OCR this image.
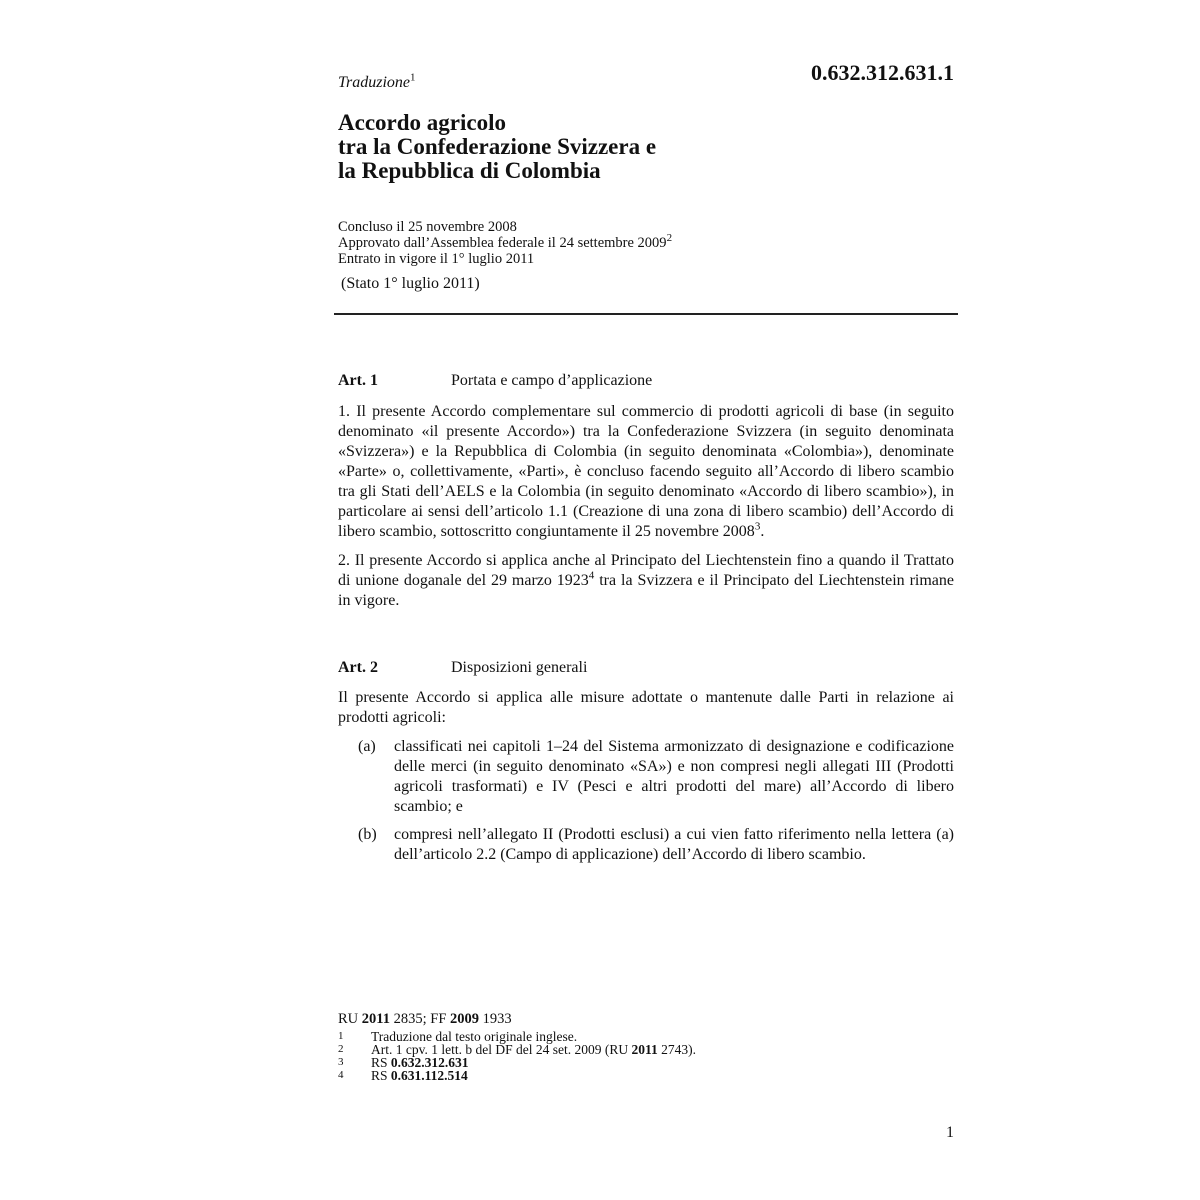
0.632.312.631.1
Traduzione$^1$
Accordo agricolo
tra la Confederazione Svizzera e
la Repubblica di Colombia
Concluso il 25 novembre 2008
Approvato dall’Assemblea federale il 24 settembre 2009$^2$
Entrato in vigore il 1° luglio 2011
(Stato 1° luglio 2011)
Art. 1	Portata e campo d’applicazione

1. Il presente Accordo complementare sul commercio di prodotti agricoli di base (in seguito denominato «il presente Accordo») tra la Confederazione Svizzera (in seguito denominata «Svizzera») e la Repubblica di Colombia (in seguito denominata «Colombia»), denominate «Parte» o, collettivamente, «Parti», è concluso facendo seguito all’Accordo di libero scambio tra gli Stati dell’AELS e la Colombia (in seguito denominato «Accordo di libero scambio»), in particolare ai sensi dell’articolo 1.1 (Creazione di una zona di libero scambio) dell’Accordo di libero scambio, sottoscritto congiuntamente il 25 novembre 2008$^3$.

2. Il presente Accordo si applica anche al Principato del Liechtenstein fino a quando il Trattato di unione doganale del 29 marzo 1923$^4$ tra la Svizzera e il Principato del Liechtenstein rimane in vigore.

Art. 2	Disposizioni generali
Il presente Accordo si applica alle misure adottate o mantenute dalle Parti in relazione ai prodotti agricoli:
(a)	classificati nei capitoli 1–24 del Sistema armonizzato di designazione e codificazione delle merci (in seguito denominato «SA») e non compresi negli allegati III (Prodotti agricoli trasformati) e IV (Pesci e altri prodotti del mare) all’Accordo di libero scambio; e
(b)	compresi nell’allegato II (Prodotti esclusi) a cui vien fatto riferimento nella lettera (a) dell’articolo 2.2 (Campo di applicazione) dell’Accordo di libero scambio.
RU 2011 2835; FF 2009 1933
1	Traduzione dal testo originale inglese.
2	Art. 1 cpv. 1 lett. b del DF del 24 set. 2009 (RU 2011 2743).
3	RS 0.632.312.631
4	RS 0.631.112.514
1
